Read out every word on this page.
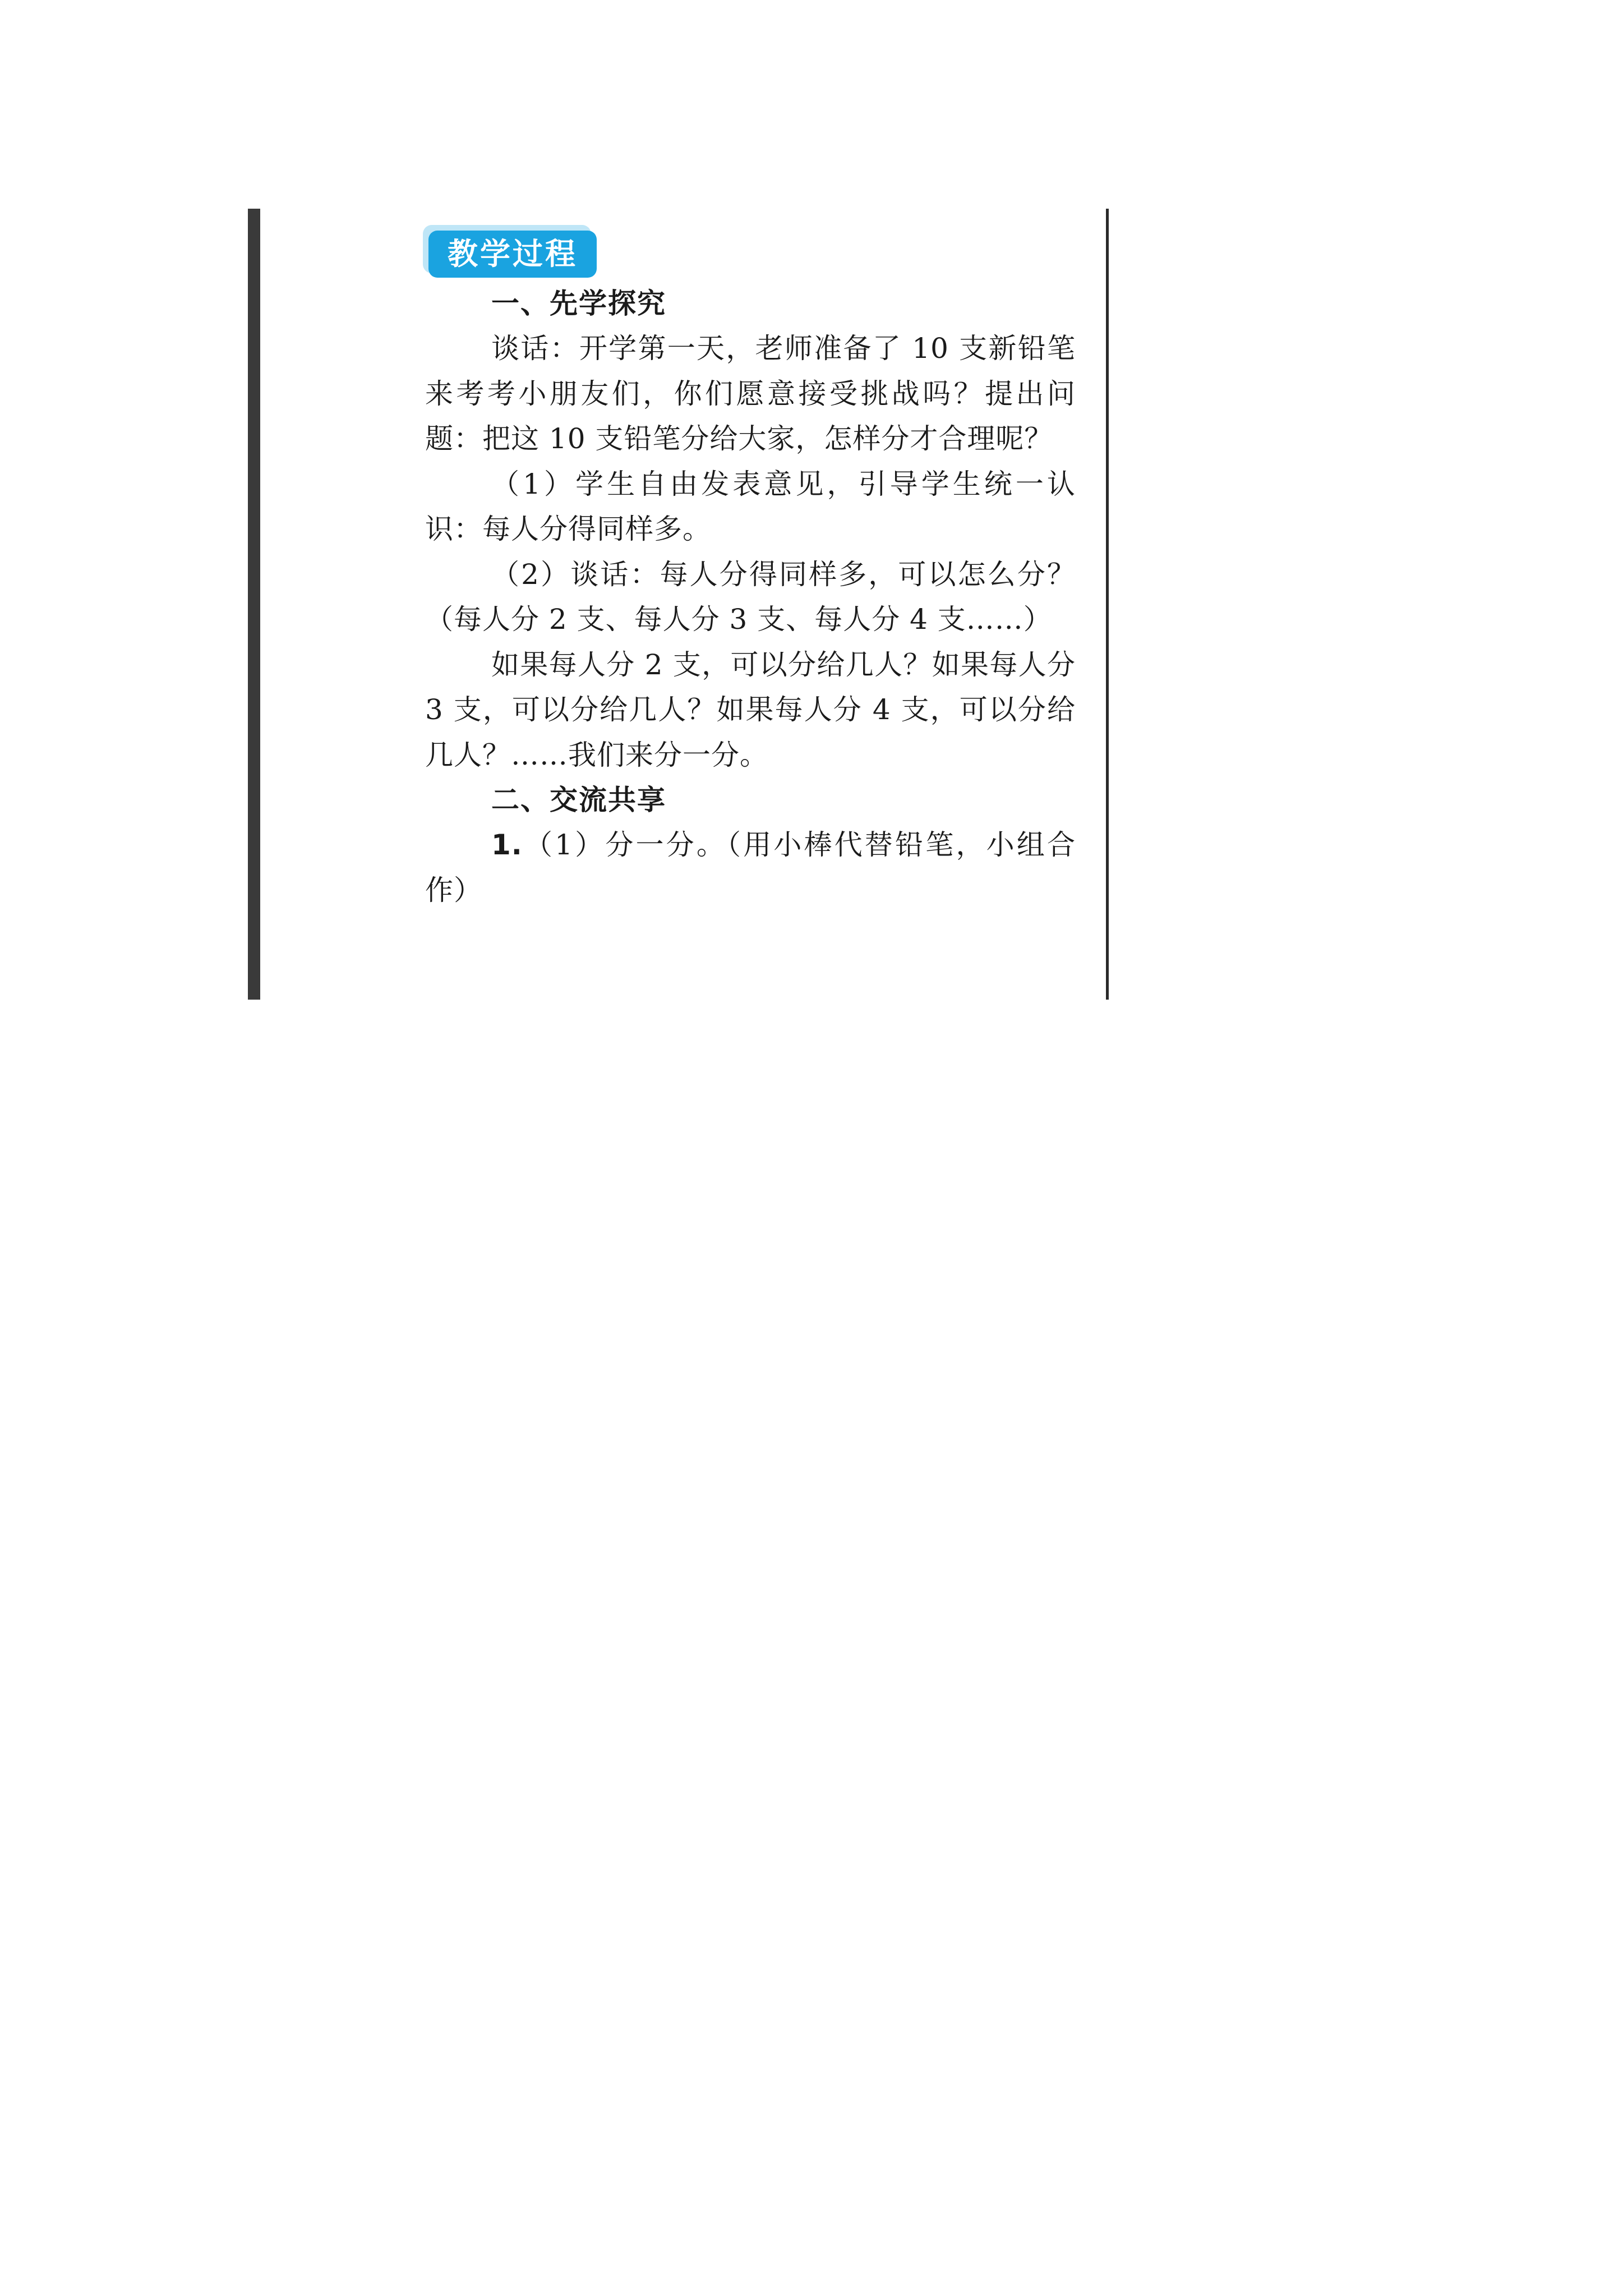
教学过程
一、先学探究

谈话：开学第一天，老师准备了 10 支新铅笔来考考小朋友们，你们愿意接受挑战吗？提出问题：把这 10 支铅笔分给大家，怎样分才合理呢？

（1）学生自由发表意见，引导学生统一认识：每人分得同样多。

（2）谈话：每人分得同样多，可以怎么分？（每人分 2 支、每人分 3 支、每人分 4 支……）

如果每人分 2 支，可以分给几人？如果每人分 3 支，可以分给几人？如果每人分 4 支，可以分给几人？……我们来分一分。

二、交流共享

1.（1）分一分。（用小棒代替铅笔，小组合作）
